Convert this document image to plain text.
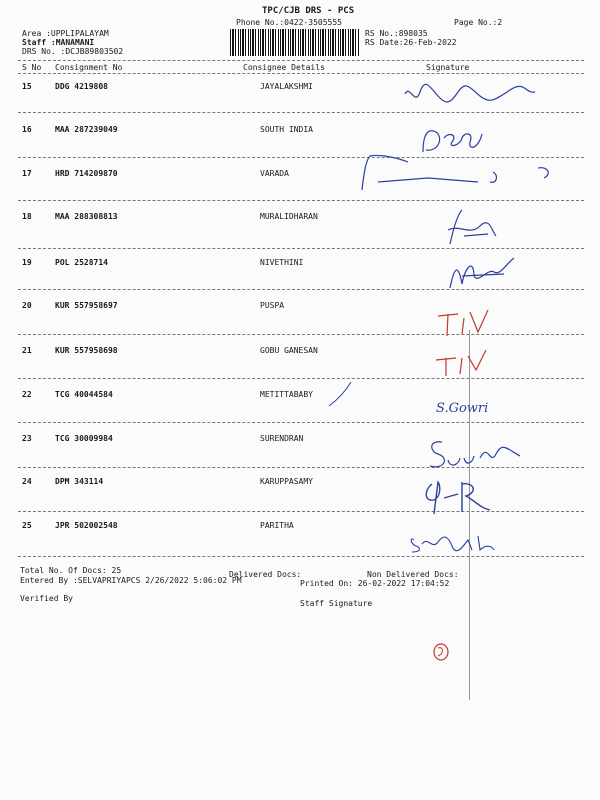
TPC/CJB DRS - PCS
Phone No.:0422-3505555	Page No.:2
Area :UPPLIPALAYAM
Staff :MANAMANI
DRS No. :DCJB89803502
RS No.:898035
RS Date:26-Feb-2022
S No Consignment No	Consignee Details	Signature
15	DDG 4219808	JAYALAKSHMI
16	MAA 287239049	SOUTH INDIA
17	HRD 714209870	VARADA
18	MAA 288308813	MURALIDHARAN
19	POL 2528714	NIVETHINI
20	KUR 557958697	PUSPA
21	KUR 557958698	GOBU GANESAN
22	TCG 40044584	METITTABABY
23	TCG 30009984	SURENDRAN
24	DPM 343114	KARUPPASAMY
25	JPR 502002548	PARITHA
Total No. Of Docs: 25	Delivered Docs:	Non Delivered Docs:
Entered By :SELVAPRIYAPCS 2/26/2022 5:06:02 PM	Printed On: 26-02-2022 17:04:52
Verified By
Staff Signature
S.Gowri
